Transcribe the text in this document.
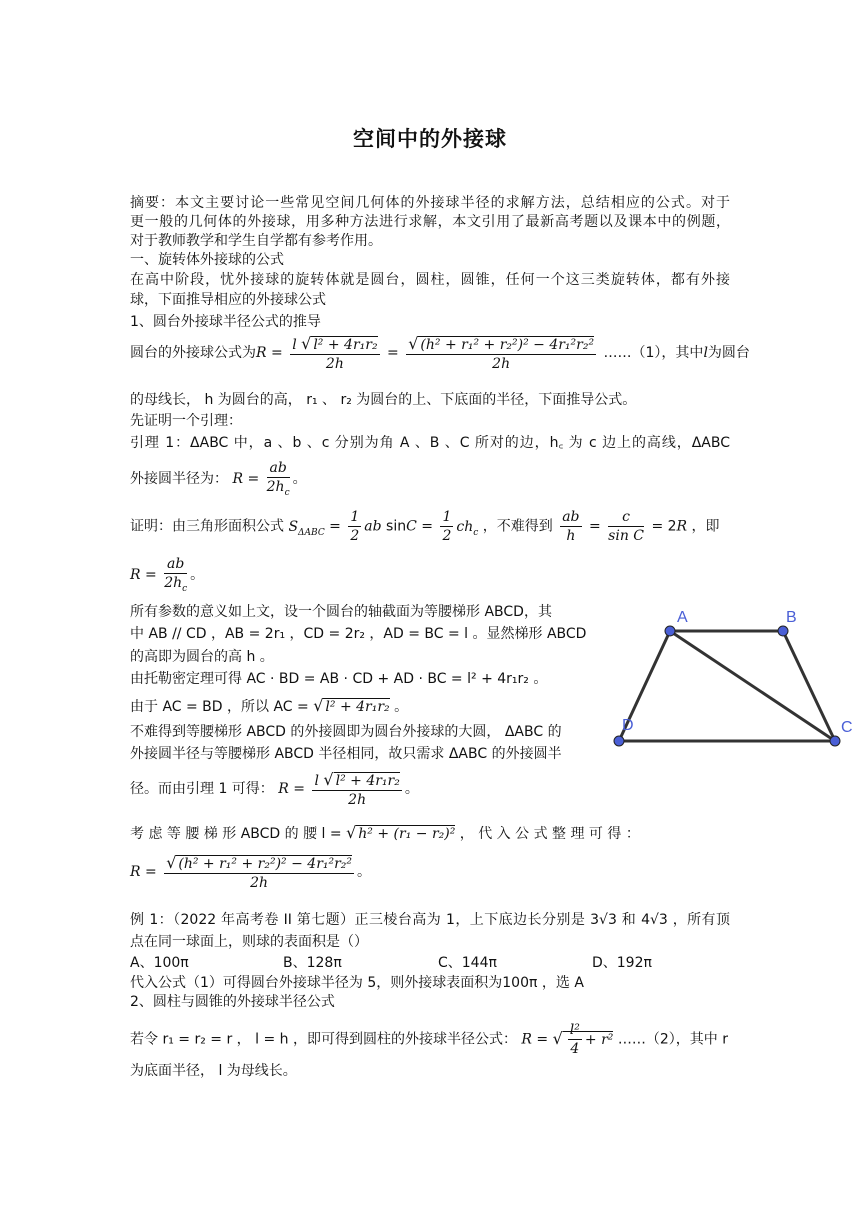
空间中的外接球
摘要：本文主要讨论一些常见空间几何体的外接球半径的求解方法，总结相应的公式。对于
更一般的几何体的外接球，用多种方法进行求解，本文引用了最新高考题以及课本中的例题，
对于教师教学和学生自学都有参考作用。
一、旋转体外接球的公式
在高中阶段，忧外接球的旋转体就是圆台，圆柱，圆锥，任何一个这三类旋转体，都有外接
球，下面推导相应的外接球公式
1、圆台外接球半径公式的推导
圆台的外接球公式为$R = \frac{\text{l √ l² + 4r₁r₂}}{2h} = \frac{\text{√ (h² + r₁² + r₂²)² − 4r₁²r₂²}}{2h}$ ……（1），其中l为圆台
的母线长， h 为圆台的高， r₁ 、 r₂ 为圆台的上、下底面的半径，下面推导公式。
先证明一个引理：
引理 1：ΔABC 中，a 、b 、c 分别为角 A 、B 、C 所对的边，h꜀ 为 c 边上的高线，ΔABC
外接圆半径为： $R = \frac{ab}{2h_c}$ 。
证明：由三角形面积公式 $S_{\Delta ABC} = \frac{1}{2}$ ab $\sin C = \frac{1}{2} ch_c$ ，不难得到 $\frac{ab}{h} = \frac{c}{\text{sin C}} = 2R$ ，即
$R = \frac{ab}{2h_c}$ 。
所有参数的意义如上文，设一个圆台的轴截面为等腰梯形 ABCD，其
中 AB // CD ，AB = 2r₁ ，CD = 2r₂ ，AD = BC = l 。显然梯形 ABCD
的高即为圆台的高 h 。
由托勒密定理可得 AC · BD = AB · CD + AD · BC = l² + 4r₁r₂ 。
由于 AC = BD ，所以 AC = √ l² + 4r₁r₂ 。
不难得到等腰梯形 ABCD 的外接圆即为圆台外接球的大圆， ΔABC 的
外接圆半径与等腰梯形 ABCD 半径相同，故只需求 ΔABC 的外接圆半
径。而由引理 1 可得： $R = \frac{\text{l √ l² + 4r₁r₂}}{2h}$ 。
考 虑 等 腰 梯 形 ABCD 的 腰 l = √ h² + (r₁ − r₂)² ， 代 入 公 式 整 理 可 得 ：
$R = \frac{\text{√ (h² + r₁² + r₂²)² − 4r₁²r₂²}}{2h}$ 。
例 1：（2022 年高考卷 II 第七题）正三棱台高为 1，上下底边长分别是 3√3 和 4√3 ，所有顶
点在同一球面上，则球的表面积是（）
A、100π	B、128π	C、144π	D、192π
代入公式（1）可得圆台外接球半径为 5，则外接球表面积为100π ，选 A
2、圆柱与圆锥的外接球半径公式
若令 r₁ = r₂ = r ， l = h ，即可得到圆柱的外接球半径公式： R = √ $\frac{\text{l²}}{4} + r^2$ ……（2），其中 r
为底面半径， l 为母线长。
A	B
C
D
